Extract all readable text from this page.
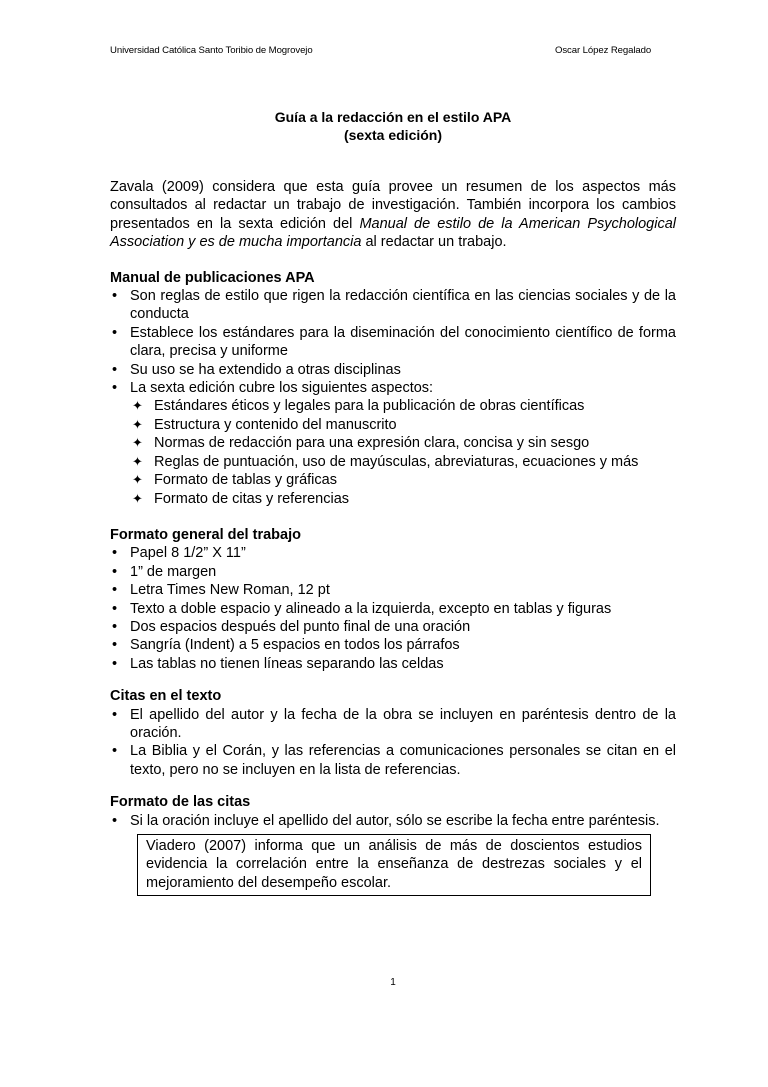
Universidad Católica Santo Toribio de Mogrovejo	Oscar López Regalado
Guía a la redacción en el estilo APA
(sexta edición)

Zavala (2009) considera que esta guía provee un resumen de los aspectos más consultados al redactar un trabajo de investigación. También incorpora los cambios presentados en la sexta edición del Manual de estilo de la American Psychological Association y es de mucha importancia al redactar un trabajo.

Manual de publicaciones APA
• Son reglas de estilo que rigen la redacción científica en las ciencias sociales y de la conducta
• Establece los estándares para la diseminación del conocimiento científico de forma clara, precisa y uniforme
• Su uso se ha extendido a otras disciplinas
• La sexta edición cubre los siguientes aspectos:
✦ Estándares éticos y legales para la publicación de obras científicas
✦ Estructura y contenido del manuscrito
✦ Normas de redacción para una expresión clara, concisa y sin sesgo
✦ Reglas de puntuación, uso de mayúsculas, abreviaturas, ecuaciones y más
✦ Formato de tablas y gráficas
✦ Formato de citas y referencias
Formato general del trabajo
• Papel 8 1/2” X 11”
• 1” de margen
• Letra Times New Roman, 12 pt
• Texto a doble espacio y alineado a la izquierda, excepto en tablas y figuras
• Dos espacios después del punto final de una oración
• Sangría (Indent) a 5 espacios en todos los párrafos
• Las tablas no tienen líneas separando las celdas
Citas en el texto
• El apellido del autor y la fecha de la obra se incluyen en paréntesis dentro de la oración.
• La Biblia y el Corán, y las referencias a comunicaciones personales se citan en el texto, pero no se incluyen en la lista de referencias.
Formato de las citas
• Si la oración incluye el apellido del autor, sólo se escribe la fecha entre paréntesis.
Viadero (2007) informa que un análisis de más de doscientos estudios evidencia la correlación entre la enseñanza de destrezas sociales y el mejoramiento del desempeño escolar.
1
